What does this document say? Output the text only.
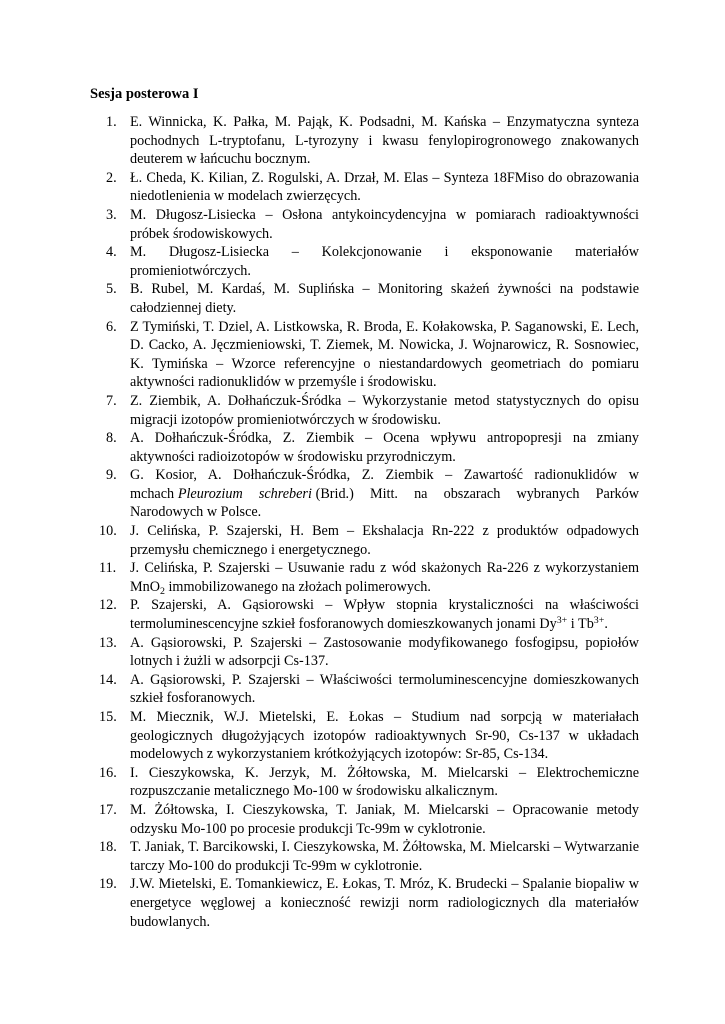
Sesja posterowa I
1. E. Winnicka, K. Pałka, M. Pająk, K. Podsadni, M. Kańska – Enzymatyczna synteza pochodnych L-tryptofanu, L-tyrozyny i kwasu fenylopirogronowego znakowanych deuterem w łańcuchu bocznym.
2. Ł. Cheda, K. Kilian, Z. Rogulski, A. Drzał, M. Elas – Synteza 18FMiso do obrazowania niedotlenienia w modelach zwierzęcych.
3. M. Długosz-Lisiecka – Osłona antykoincydencyjna w pomiarach radioaktywności próbek środowiskowych.
4. M. Długosz-Lisiecka – Kolekcjonowanie i eksponowanie materiałów
promieniotwórczych.
5. B. Rubel, M. Kardaś, M. Suplińska – Monitoring skażeń żywności na podstawie całodziennej diety.
6. Z Tymiński, T. Dziel, A. Listkowska, R. Broda, E. Kołakowska, P. Saganowski, E. Lech, D. Cacko, A. Jęczmieniowski, T. Ziemek, M. Nowicka, J. Wojnarowicz, R. Sosnowiec, K. Tymińska – Wzorce referencyjne o niestandardowych geometriach do pomiaru aktywności radionuklidów w przemyśle i środowisku.
7. Z. Ziembik, A. Dołhańczuk-Śródka – Wykorzystanie metod statystycznych do opisu migracji izotopów promieniotwórczych w środowisku.
8. A. Dołhańczuk-Śródka, Z. Ziembik – Ocena wpływu antropopresji na zmiany aktywności radioizotopów w środowisku przyrodniczym.
9. G. Kosior, A. Dołhańczuk-Śródka, Z. Ziembik – Zawartość radionuklidów w mchach Pleurozium schreberi (Brid.) Mitt. na obszarach wybranych Parków Narodowych w Polsce.
10. J. Celińska, P. Szajerski, H. Bem – Ekshalacja Rn-222 z produktów odpadowych przemysłu chemicznego i energetycznego.
11. J. Celińska, P. Szajerski – Usuwanie radu z wód skażonych Ra-226 z wykorzystaniem MnO$_2$ immobilizowanego na złożach polimerowych.
12. P. Szajerski, A. Gąsiorowski – Wpływ stopnia krystaliczności na właściwości termoluminescencyjne szkieł fosforanowych domieszkowanych jonami $Dy^{3+}$ i $Tb^{3+}$.
13. A. Gąsiorowski, P. Szajerski – Zastosowanie modyfikowanego fosfogipsu, popiołów lotnych i żużli w adsorpcji Cs-137.
14. A. Gąsiorowski, P. Szajerski – Właściwości termoluminescencyjne domieszkowanych szkieł fosforanowych.
15. M. Miecznik, W.J. Mietelski, E. Łokas – Studium nad sorpcją w materiałach geologicznych długożyjących izotopów radioaktywnych Sr-90, Cs-137 w układach modelowych z wykorzystaniem krótkożyjących izotopów: Sr-85, Cs-134.
16. I. Cieszykowska, K. Jerzyk, M. Żółtowska, M. Mielcarski – Elektrochemiczne rozpuszczanie metalicznego Mo-100 w środowisku alkalicznym.
17. M. Żółtowska, I. Cieszykowska, T. Janiak, M. Mielcarski – Opracowanie metody odzysku Mo-100 po procesie produkcji Tc-99m w cyklotronie.
18. T. Janiak, T. Barcikowski, I. Cieszykowska, M. Żółtowska, M. Mielcarski – Wytwarzanie tarczy Mo-100 do produkcji Tc-99m w cyklotronie.
19. J.W. Mietelski, E. Tomankiewicz, E. Łokas, T. Mróz, K. Brudecki – Spalanie biopaliw w energetyce węglowej a konieczność rewizji norm radiologicznych dla materiałów budowlanych.
